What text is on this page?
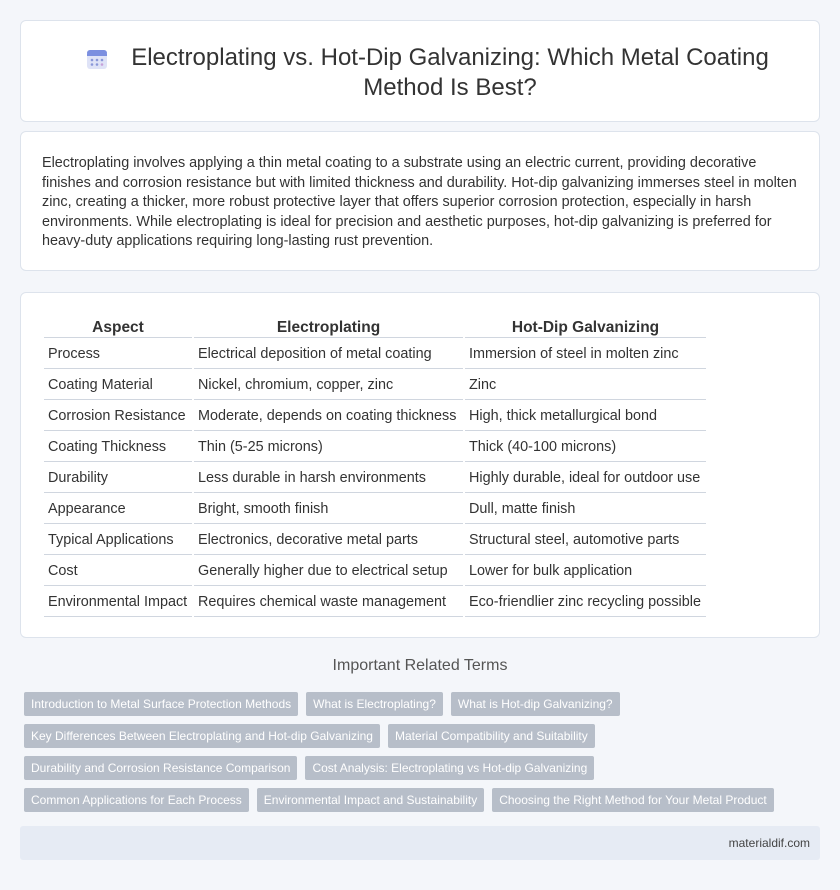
Electroplating vs. Hot-Dip Galvanizing: Which Metal Coating Method Is Best?

Electroplating involves applying a thin metal coating to a substrate using an electric current, providing decorative finishes and corrosion resistance but with limited thickness and durability. Hot-dip galvanizing immerses steel in molten zinc, creating a thicker, more robust protective layer that offers superior corrosion protection, especially in harsh environments. While electroplating is ideal for precision and aesthetic purposes, hot-dip galvanizing is preferred for heavy-duty applications requiring long-lasting rust prevention.

Aspect	Electroplating	Hot-Dip Galvanizing
Process	Electrical deposition of metal coating	Immersion of steel in molten zinc
Coating Material	Nickel, chromium, copper, zinc	Zinc
Corrosion Resistance	Moderate, depends on coating thickness	High, thick metallurgical bond
Coating Thickness	Thin (5-25 microns)	Thick (40-100 microns)
Durability	Less durable in harsh environments	Highly durable, ideal for outdoor use
Appearance	Bright, smooth finish	Dull, matte finish
Typical Applications	Electronics, decorative metal parts	Structural steel, automotive parts
Cost	Generally higher due to electrical setup	Lower for bulk application
Environmental Impact	Requires chemical waste management	Eco-friendlier zinc recycling possible
Important Related Terms
Introduction to Metal Surface Protection Methods	What is Electroplating?	What is Hot-dip Galvanizing?
Key Differences Between Electroplating and Hot-dip Galvanizing	Material Compatibility and Suitability
Durability and Corrosion Resistance Comparison	Cost Analysis: Electroplating vs Hot-dip Galvanizing
Common Applications for Each Process	Environmental Impact and Sustainability	Choosing the Right Method for Your Metal Product
materialdif.com
